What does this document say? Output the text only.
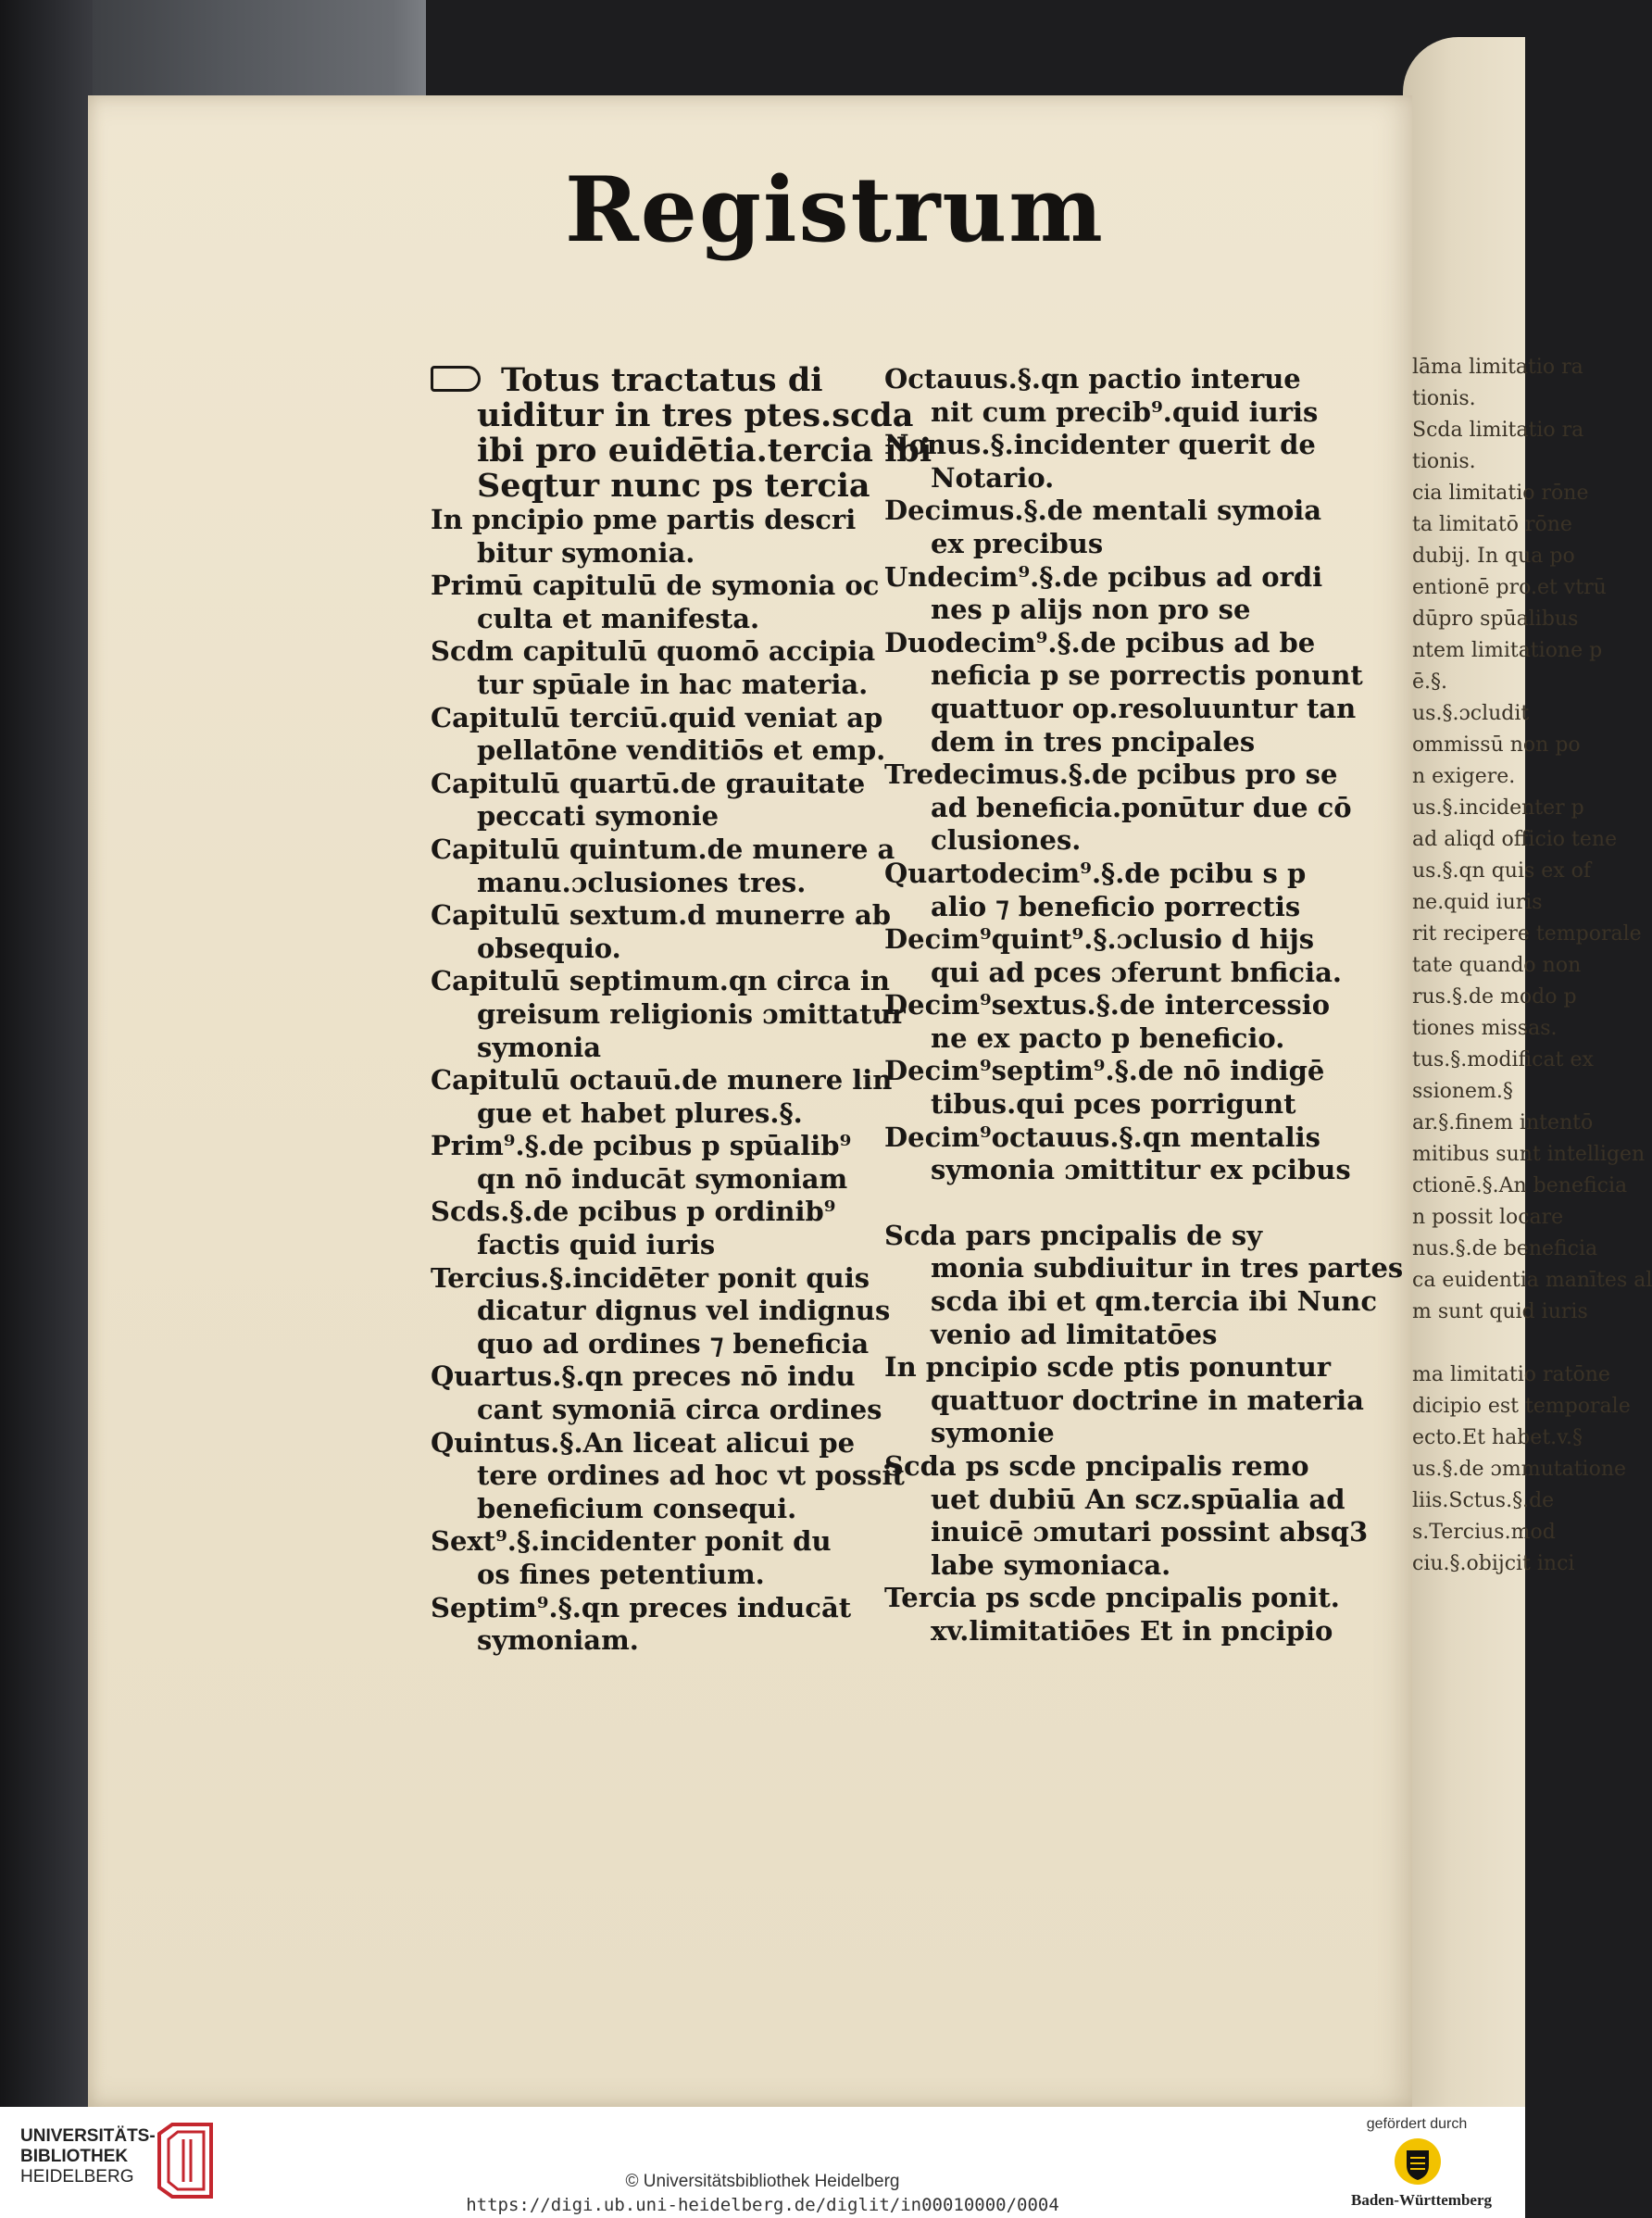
lāma limitatio ra
tionis.
Scda limitatio ra
tionis.
cia limitatio rōne
ta limitatō rōne
dubij. In qua po
entionē pro.et vtrū
dūpro spūalibus
ntem limitatione p
ē.§.
us.§.ɔcludit
ommissū non po
n exigere.
us.§.incidenter p
ad aliqd officio tene
us.§.qn quis ex of
ne.quid iuris
rit recipere temporale
tate quando non
rus.§.de modo p
tiones missas.
tus.§.modificat ex
ssionem.§
ar.§.finem intentō
mitibus sunt intelligen
ctionē.§.An beneficia
n possit locare
nus.§.de beneficia
ca euidentia manītes al
m sunt quid iuris

ma limitatio ratōne
dicipio est temporale
ecto.Et habet.v.§
us.§.de ɔmmutatione
liis.Sctus.§.de
s.Tercius.mod
ciu.§.obijcit inci
Registrum
Totus tractatus dі
uiditur in tres ptes.scda
ibi pro euidētia.tercia ibi
Seqtur nunc ps tercia
In pncipio pme partis descri
bitur symonia.
Primū capitulū de symonia oc
culta et manifesta.
Scdm capitulū quomō accipia
tur spūale in hac materia.
Capitulū terciū.quid veniat ap
pellatōne venditiōs et emp.
Capitulū quartū.de grauitate
peccati symonie
Capitulū quintum.de munere a
manu.ɔclusiones tres.
Capitulū sextum.d munerre ab
obsequio.
Capitulū septimum.qn circa in
greisum religionis ɔmittatur
symonia
Capitulū octauū.de munere lin
gue et habet plures.§.
Prim⁹.§.de pcibus p spūalib⁹
qn nō inducāt symoniam
Scds.§.de pcibus p ordinib⁹
factis quid iuris
Tercius.§.incidēter ponit quis
dicatur dignus vel indignus
quo ad ordines ⁊ beneficia
Quartus.§.qn preces nō indu
cant symoniā circa ordines
Quintus.§.An liceat alicui pe
tere ordines ad hoc vt possit
beneficium consequi.
Sext⁹.§.incidenter ponit du
os fines petentium.
Septim⁹.§.qn preces inducāt
symoniam.
Octauus.§.qn pactio interue
nit cum precib⁹.quid iuris
Nonus.§.incidenter querit de
Notario.
Decimus.§.de mentali symoia
ex precibus
Undecim⁹.§.de pcibus ad ordi
nes p alijs non pro se
Duodecim⁹.§.de pcibus ad be
neficia p se porrectis ponunt
quattuor op.resoluuntur tan
dem in tres pncipales
Tredecimus.§.de pcibus pro se
ad beneficia.ponūtur due cō
clusiones.
Quartodecim⁹.§.de pcibu s p
alio ⁊ beneficio porrectis
Decim⁹quint⁹.§.ɔclusio d hijs
qui ad pces ɔferunt bnficia.
Decim⁹sextus.§.de intercessio
ne ex pacto p beneficio.
Decim⁹septim⁹.§.de nō indigē
tibus.qui pces porrigunt
Decim⁹octauus.§.qn mentalis
symonia ɔmittitur ex pcibus
Scda pars pncipalis de sy
monia subdiuitur in tres partes
scda ibi et qm.tercia ibi Nunc
venio ad limitatōes
In pncipio scde ptis ponuntur
quattuor doctrine in materia
symonie
Scda ps scde pncipalis remo
uet dubiū An scz.spūalia ad
inuicē ɔmutari possint absq3
labe symoniaca.
Tercia ps scde pncipalis ponit.
xv.limitatiōes Et in pncipio
UNIVERSITÄTS-
BIBLIOTHEK
HEIDELBERG	© Universitätsbibliothek Heidelberg
https://digi.ub.uni-heidelberg.de/diglit/in00010000/0004
gefördert durch
Baden-Württemberg
